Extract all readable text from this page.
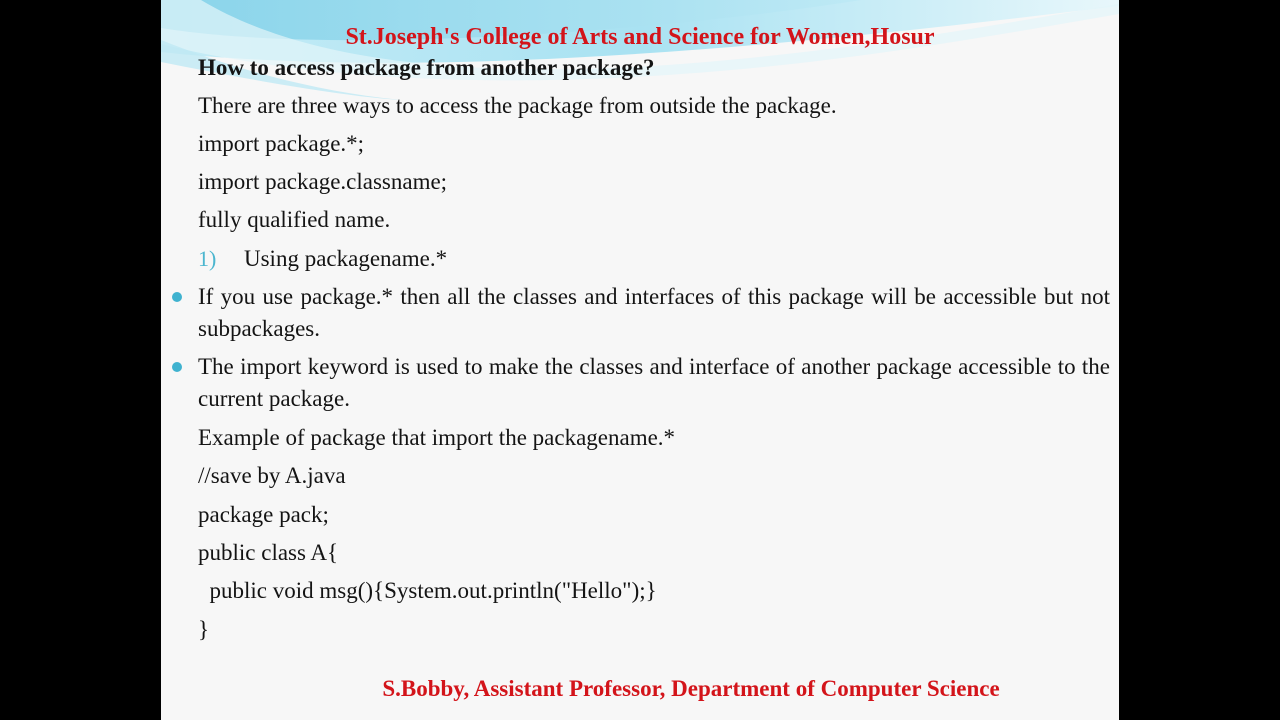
St.Joseph's College of Arts and Science for Women,Hosur
How to access package from another package?
There are three ways to access the package from outside the package.
import package.*;
import package.classname;
fully qualified name.
1) Using packagename.*
If you use package.* then all the classes and interfaces of this package will be accessible but not subpackages.
The import keyword is used to make the classes and interface of another package accessible to the current package.
Example of package that import the packagename.*
//save by A.java
package pack;
public class A{
public void msg(){System.out.println("Hello");}
}
S.Bobby, Assistant Professor, Department of Computer Science
